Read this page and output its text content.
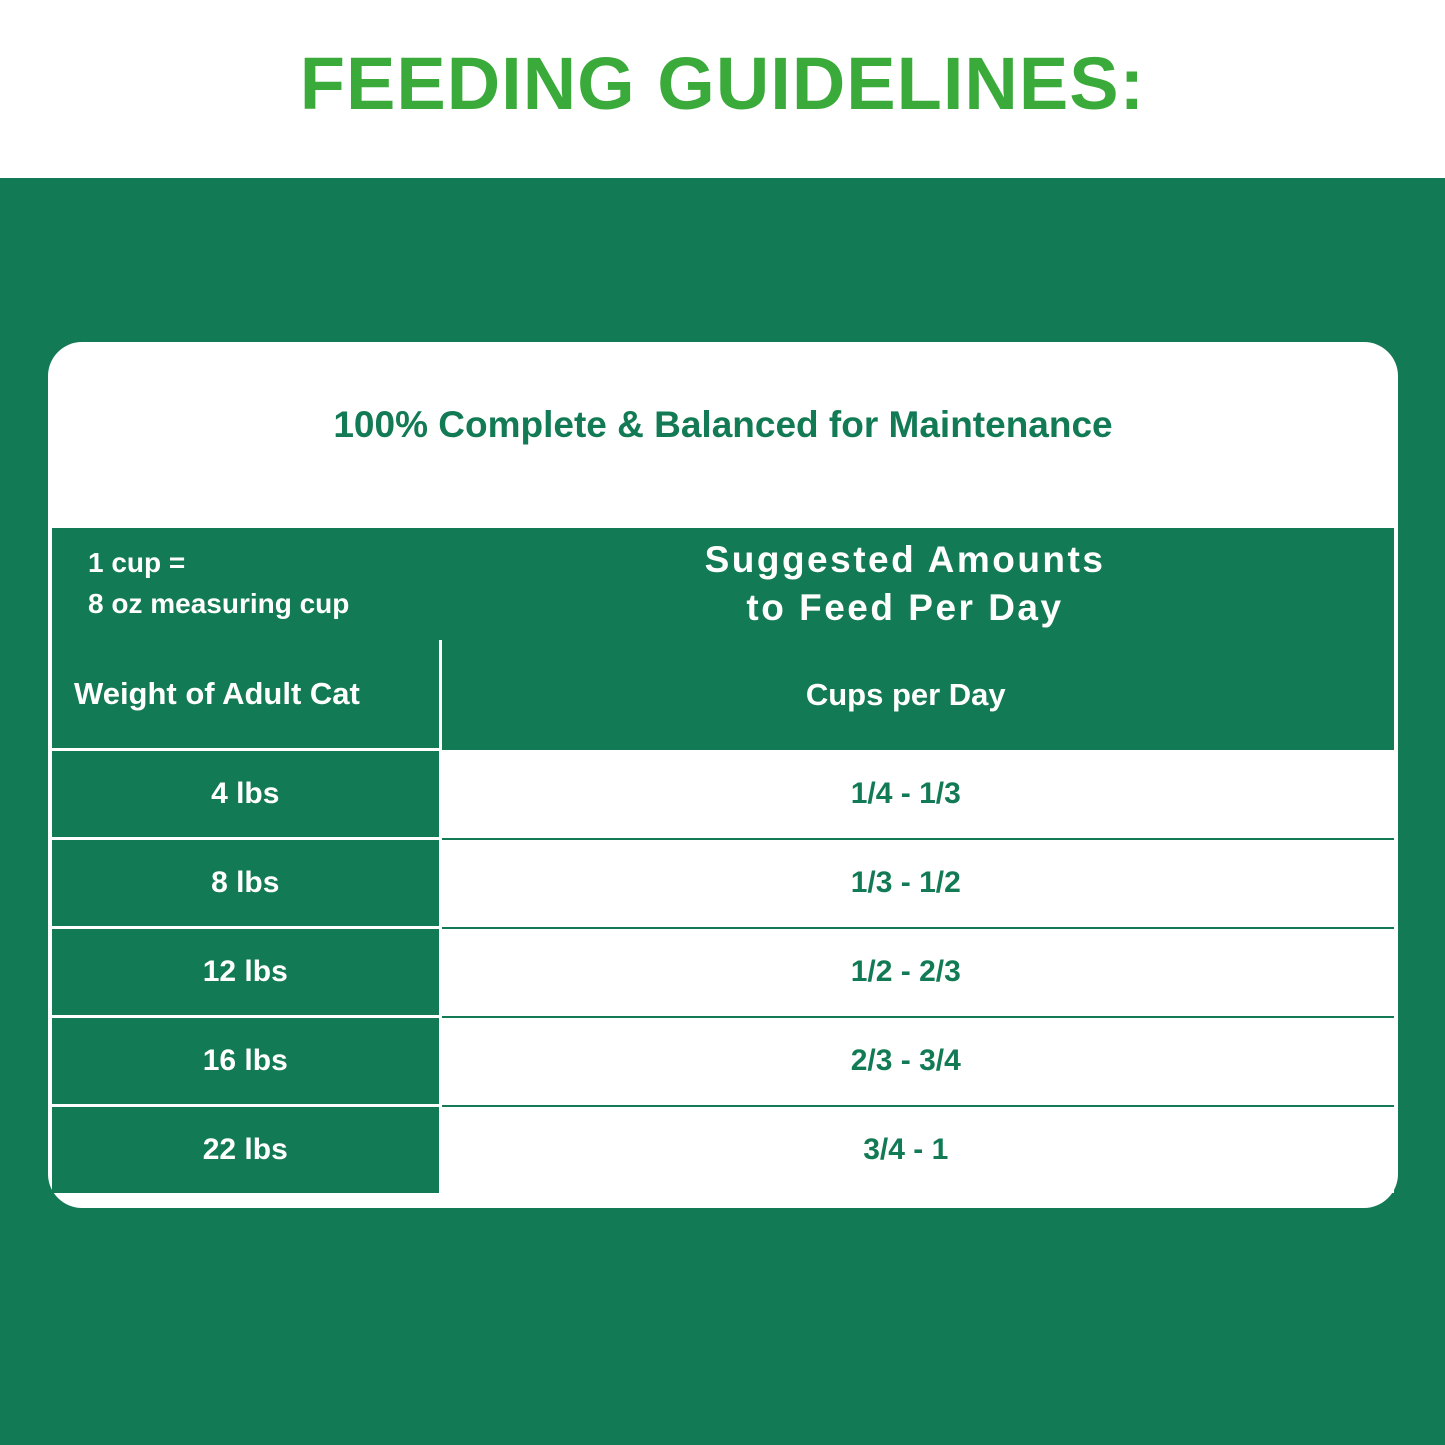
FEEDING GUIDELINES:
100% Complete & Balanced for Maintenance
1 cup =
8 oz measuring cup

Suggested Amounts
to Feed Per Day

Weight of Adult Cat	Cups per Day

4 lbs	1/4 - 1/3
8 lbs	1/3 - 1/2
12 lbs	1/2 - 2/3
16 lbs	2/3 - 3/4
22 lbs	3/4 - 1
